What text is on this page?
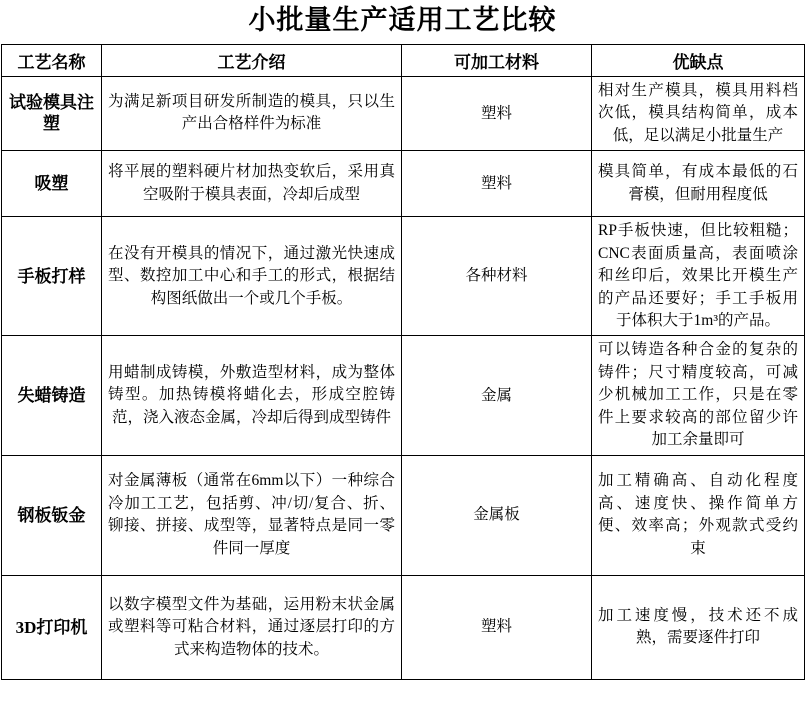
小批量生产适用工艺比较
工艺名称	工艺介绍	可加工材料	优缺点
试验模具注塑	为满足新项目研发所制造的模具，只以生产出合格样件为标准	塑料	相对生产模具，模具用料档次低，模具结构简单，成本低，足以满足小批量生产
吸塑	将平展的塑料硬片材加热变软后，采用真空吸附于模具表面，冷却后成型	塑料	模具简单，有成本最低的石膏模，但耐用程度低
手板打样	在没有开模具的情况下，通过激光快速成型、数控加工中心和手工的形式，根据结构图纸做出一个或几个手板。	各种材料	RP手板快速，但比较粗糙；CNC表面质量高，表面喷涂和丝印后，效果比开模生产的产品还要好；手工手板用于体积大于1m³的产品。
失蜡铸造	用蜡制成铸模，外敷造型材料，成为整体铸型。加热铸模将蜡化去，形成空腔铸范，浇入液态金属，冷却后得到成型铸件	金属	可以铸造各种合金的复杂的铸件；尺寸精度较高，可减少机械加工工作，只是在零件上要求较高的部位留少许加工余量即可
钢板钣金	对金属薄板（通常在6mm以下）一种综合冷加工工艺，包括剪、冲/切/复合、折、铆接、拼接、成型等，显著特点是同一零件同一厚度	金属板	加工精确高、自动化程度高、速度快、操作简单方便、效率高；外观款式受约束
3D打印机	以数字模型文件为基础，运用粉末状金属或塑料等可粘合材料，通过逐层打印的方式来构造物体的技术。	塑料	加工速度慢，技术还不成熟，需要逐件打印
